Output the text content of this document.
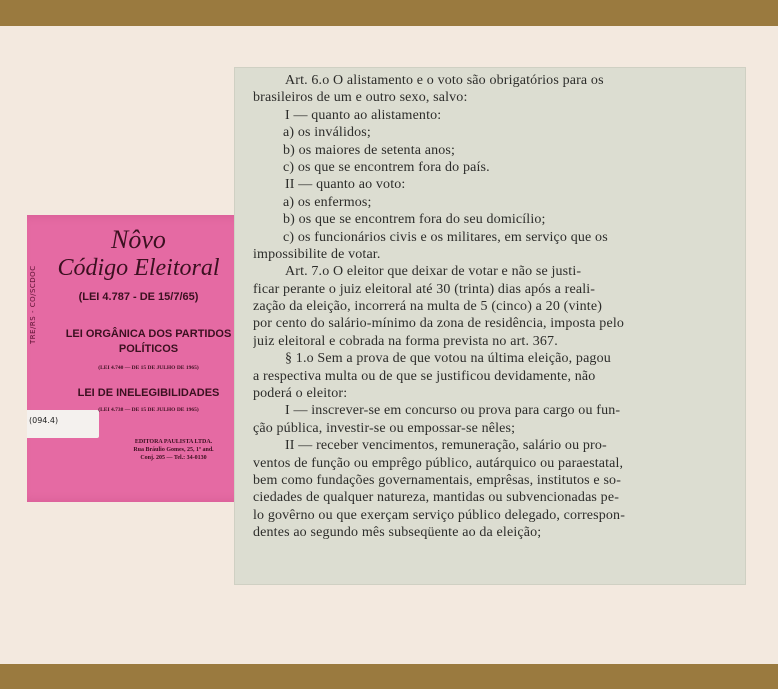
TRE/RS - CO/SCDOC
(094.4)
Nôvo
Código Eleitoral
(LEI 4.787 - DE 15/7/65)
LEI ORGÂNICA DOS PARTIDOS POLÍTICOS
(LEI 4.740 — DE 15 DE JULHO DE 1965)
LEI DE INELEGIBILIDADES
(LEI 4.738 — DE 15 DE JULHO DE 1965)
EDITORA PAULISTA LTDA.
Rua Bráulio Gomes, 25, 1º and.
Conj. 205 — Tel.: 34-0130
Art. 6.o O alistamento e o voto são obrigatórios para os
brasileiros de um e outro sexo, salvo:
I — quanto ao alistamento:
a) os inválidos;
b) os maiores de setenta anos;
c) os que se encontrem fora do país.
II — quanto ao voto:
a) os enfermos;
b) os que se encontrem fora do seu domicílio;
c) os funcionários civis e os militares, em serviço que os
impossibilite de votar.
Art. 7.o O eleitor que deixar de votar e não se justi-
ficar perante o juiz eleitoral até 30 (trinta) dias após a reali-
zação da eleição, incorrerá na multa de 5 (cinco) a 20 (vinte)
por cento do salário-mínimo da zona de residência, imposta pelo
juiz eleitoral e cobrada na forma prevista no art. 367.
§ 1.o Sem a prova de que votou na última eleição, pagou
a respectiva multa ou de que se justificou devidamente, não
poderá o eleitor:
I — inscrever-se em concurso ou prova para cargo ou fun-
ção pública, investir-se ou empossar-se nêles;
II — receber vencimentos, remuneração, salário ou pro-
ventos de função ou emprêgo público, autárquico ou paraestatal,
bem como fundações governamentais, emprêsas, institutos e so-
ciedades de qualquer natureza, mantidas ou subvencionadas pe-
lo govêrno ou que exerçam serviço público delegado, correspon-
dentes ao segundo mês subseqüente ao da eleição;
